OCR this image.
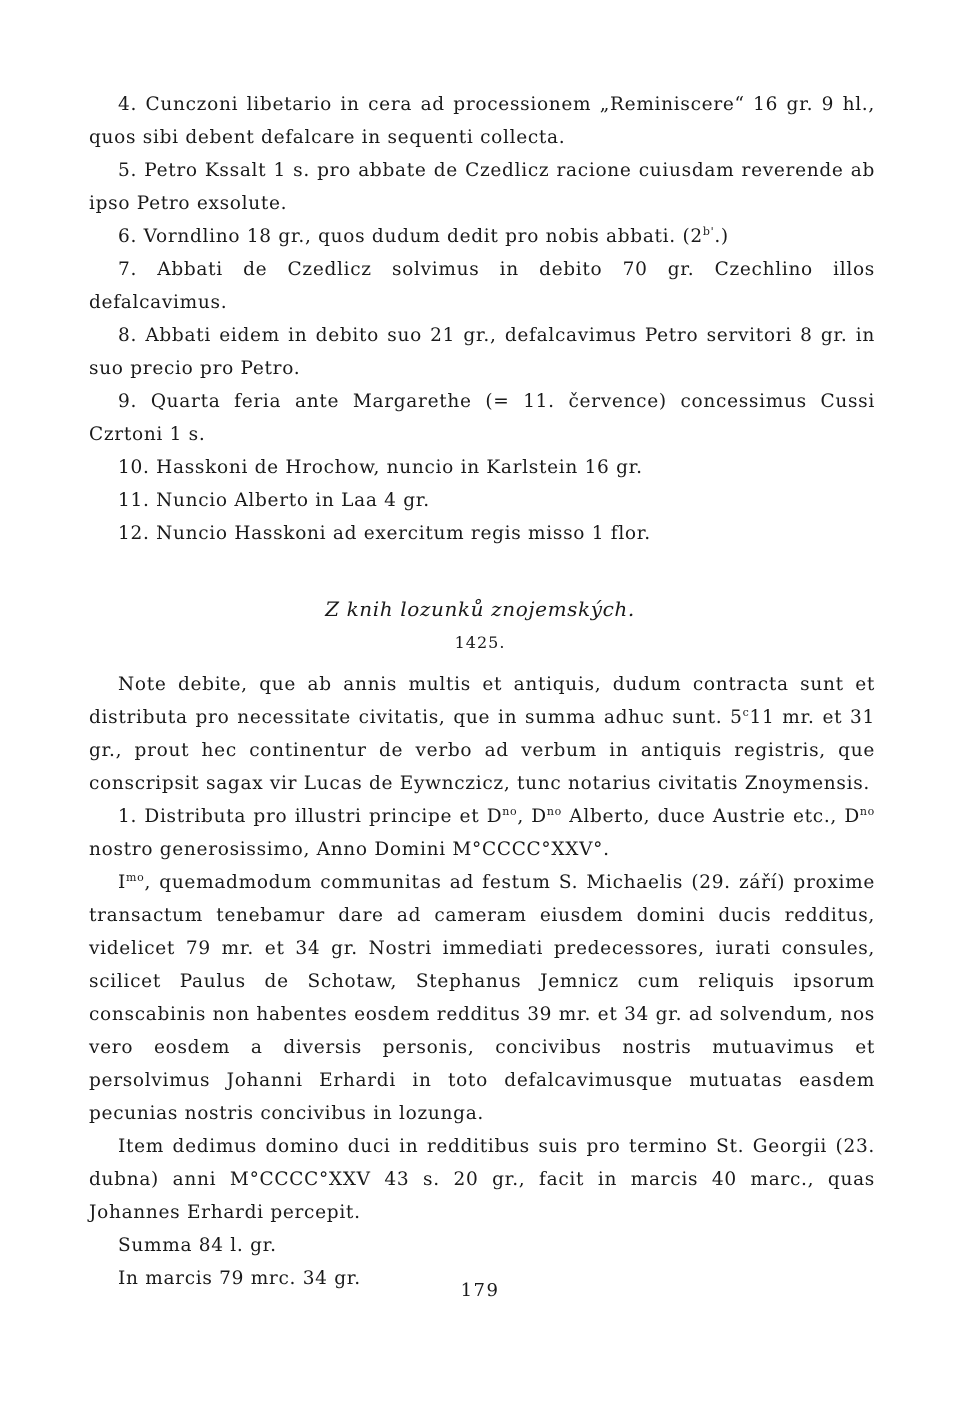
4. Cunczoni libetario in cera ad processionem „Reminiscere“ 16 gr. 9 hl., quos sibi debent defalcare in sequenti collecta.

5. Petro Kssalt 1 s. pro abbate de Czedlicz racione cuiusdam reverende ab ipso Petro exsolute.

6. Vorndlino 18 gr., quos dudum dedit pro nobis abbati. $(2^{b'}.)$

7. Abbati de Czedlicz solvimus in debito 70 gr. Czechlino illos defalcavimus.

8. Abbati eidem in debito suo 21 gr., defalcavimus Petro servitori 8 gr. in suo precio pro Petro.

9. Quarta feria ante Margarethe (= 11. července) concessimus Cussi Czrtoni 1 s.

10. Hasskoni de Hrochow, nuncio in Karlstein 16 gr.

11. Nuncio Alberto in Laa 4 gr.

12. Nuncio Hasskoni ad exercitum regis misso 1 flor.

Z knih lozunků znojemských.
1425.

Note debite, que ab annis multis et antiquis, dudum contracta sunt et distributa pro necessitate civitatis, que in summa adhuc sunt. 5$^c$11 mr. et 31 gr., prout hec continentur de verbo ad verbum in antiquis registris, que conscripsit sagax vir Lucas de Eywnczicz, tunc notarius civitatis Znoymensis.

1. Distributa pro illustri principe et $D^{no}$, $D^{no}$ Alberto, duce Austrie etc., $D^{no}$ nostro generosissimo, Anno Domini M°CCCC°XXV°.

$I^{mo}$, quemadmodum communitas ad festum S. Michaelis (29. září) proxime transactum tenebamur dare ad cameram eiusdem domini ducis redditus, videlicet 79 mr. et 34 gr. Nostri immediati predecessores, iurati consules, scilicet Paulus de Schotaw, Stephanus Jemnicz cum reliquis ipsorum conscabinis non habentes eosdem redditus 39 mr. et 34 gr. ad solvendum, nos vero eosdem a diversis personis, concivibus nostris mutuavimus et persolvimus Johanni Erhardi in toto defalcavimusque mutuatas easdem pecunias nostris concivibus in lozunga.

Item dedimus domino duci in redditibus suis pro termino St. Georgii (23. dubna) anni M°CCCC°XXV 43 s. 20 gr., facit in marcis 40 marc., quas Johannes Erhardi percepit.

Summa 84 l. gr.

In marcis 79 mrc. 34 gr.

179
